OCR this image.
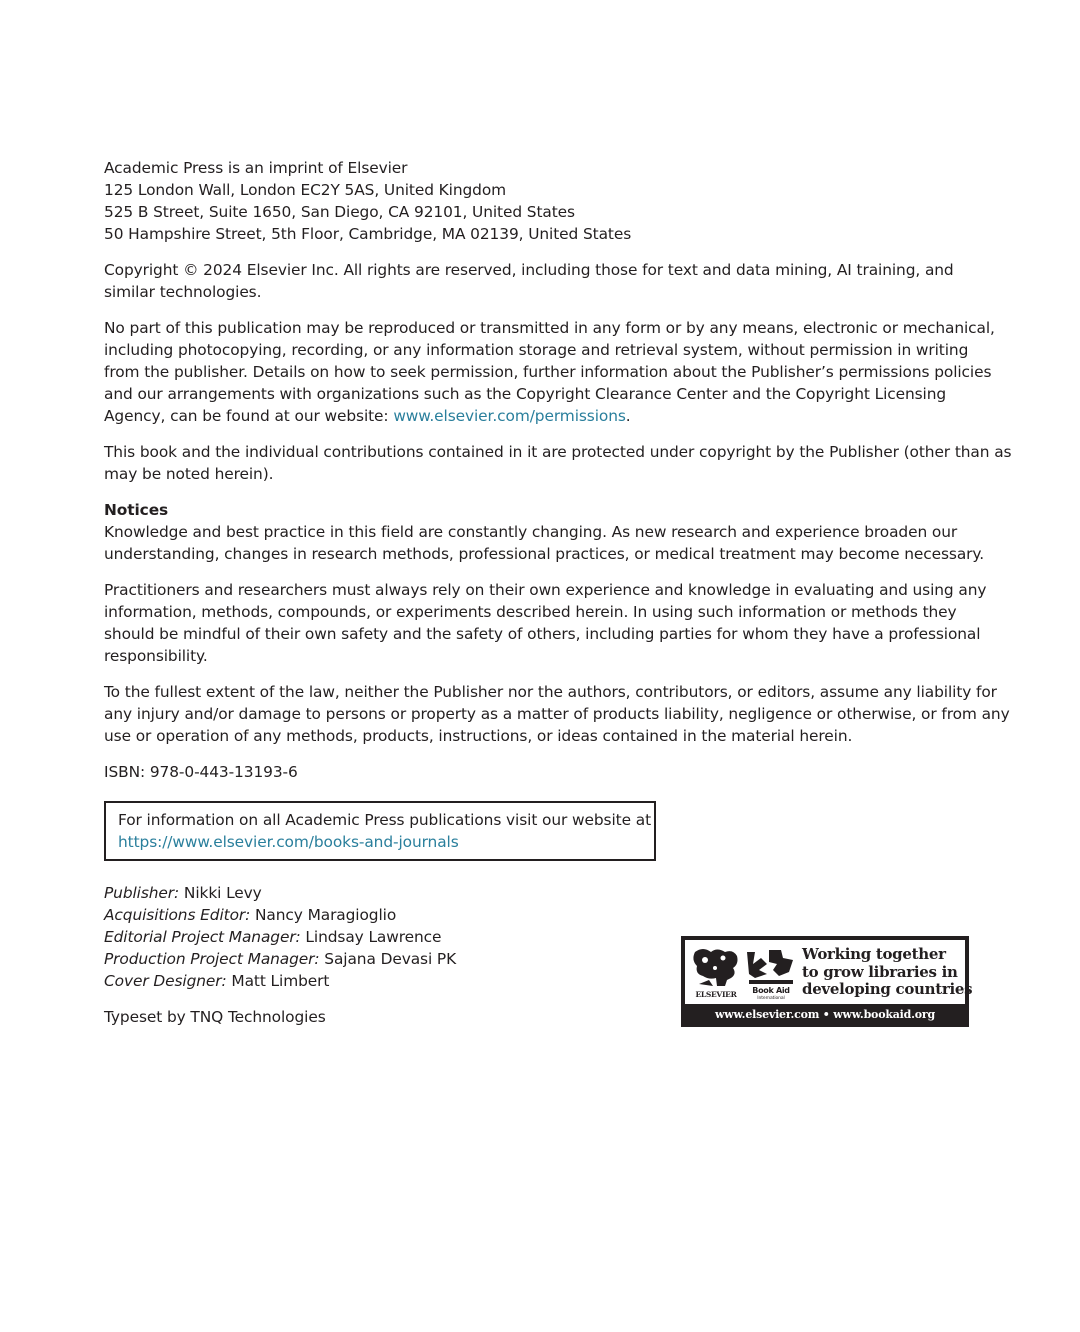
Academic Press is an imprint of Elsevier
125 London Wall, London EC2Y 5AS, United Kingdom
525 B Street, Suite 1650, San Diego, CA 92101, United States
50 Hampshire Street, 5th Floor, Cambridge, MA 02139, United States

Copyright © 2024 Elsevier Inc. All rights are reserved, including those for text and data mining, AI training, and
similar technologies.

No part of this publication may be reproduced or transmitted in any form or by any means, electronic or mechanical,
including photocopying, recording, or any information storage and retrieval system, without permission in writing
from the publisher. Details on how to seek permission, further information about the Publisher’s permissions policies
and our arrangements with organizations such as the Copyright Clearance Center and the Copyright Licensing
Agency, can be found at our website: www.elsevier.com/permissions.

This book and the individual contributions contained in it are protected under copyright by the Publisher (other than as
may be noted herein).

Notices
Knowledge and best practice in this field are constantly changing. As new research and experience broaden our
understanding, changes in research methods, professional practices, or medical treatment may become necessary.

Practitioners and researchers must always rely on their own experience and knowledge in evaluating and using any
information, methods, compounds, or experiments described herein. In using such information or methods they
should be mindful of their own safety and the safety of others, including parties for whom they have a professional
responsibility.

To the fullest extent of the law, neither the Publisher nor the authors, contributors, or editors, assume any liability for
any injury and/or damage to persons or property as a matter of products liability, negligence or otherwise, or from any
use or operation of any methods, products, instructions, or ideas contained in the material herein.

ISBN: 978-0-443-13193-6

For information on all Academic Press publications visit our website at
https://www.elsevier.com/books-and-journals
Publisher: Nikki Levy
Acquisitions Editor: Nancy Maragioglio
Editorial Project Manager: Lindsay Lawrence
Production Project Manager: Sajana Devasi PK
Cover Designer: Matt Limbert
Typeset by TNQ Technologies
ELSEVIER Book Aid
International
Working together
to grow libraries in
developing countries
www.elsevier.com • www.bookaid.org
